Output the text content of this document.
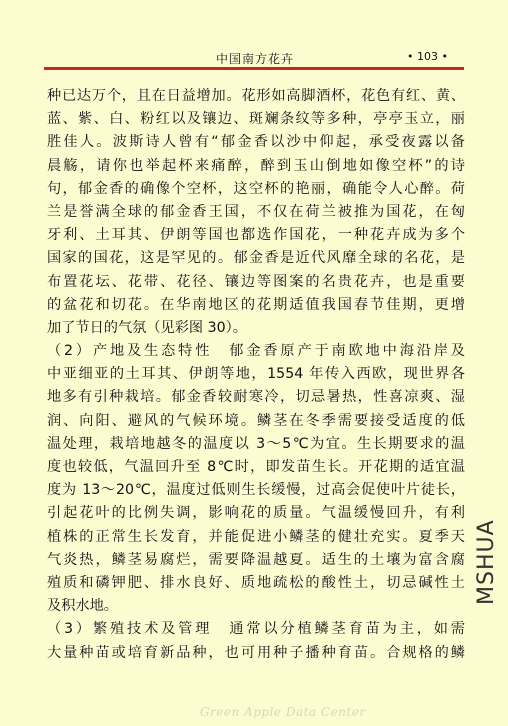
中国南方花卉	• 103 •
种已达万个，且在日益增加。花形如高脚酒杯，花色有红、黄、
蓝、紫、白、粉红以及镶边、斑斓条纹等多种，亭亭玉立，丽
胜佳人。波斯诗人曾有“郁金香以沙中仰起，承受夜露以备
晨觞，请你也举起杯来痛醉，醉到玉山倒地如像空杯”的诗
句，郁金香的确像个空杯，这空杯的艳丽，确能令人心醉。荷
兰是誉满全球的郁金香王国，不仅在荷兰被推为国花，在匈
牙利、土耳其、伊朗等国也都选作国花，一种花卉成为多个
国家的国花，这是罕见的。郁金香是近代风靡全球的名花，是
布置花坛、花带、花径、镶边等图案的名贵花卉，也是重要
的盆花和切花。在华南地区的花期适值我国春节佳期，更增
加了节日的气氛（见彩图 30）。
（2）产地及生态特性　郁金香原产于南欧地中海沿岸及
中亚细亚的土耳其、伊朗等地，1554 年传入西欧，现世界各
地多有引种栽培。郁金香较耐寒冷，切忌暑热，性喜凉爽、湿
润、向阳、避风的气候环境。鳞茎在冬季需要接受适度的低
温处理，栽培地越冬的温度以 3～5℃为宜。生长期要求的温
度也较低，气温回升至 8℃时，即发苗生长。开花期的适宜温
度为 13～20℃，温度过低则生长缓慢，过高会促使叶片徒长，
引起花叶的比例失调，影响花的质量。气温缓慢回升，有利
植株的正常生长发育，并能促进小鳞茎的健壮充实。夏季天
气炎热，鳞茎易腐烂，需要降温越夏。适生的土壤为富含腐
殖质和磷钾肥、排水良好、质地疏松的酸性土，切忌碱性土
及积水地。
（3）繁殖技术及管理　通常以分植鳞茎育苗为主，如需
大量种苗或培育新品种，也可用种子播种育苗。合规格的鳞
MSHUA
Green Apple Data Center
